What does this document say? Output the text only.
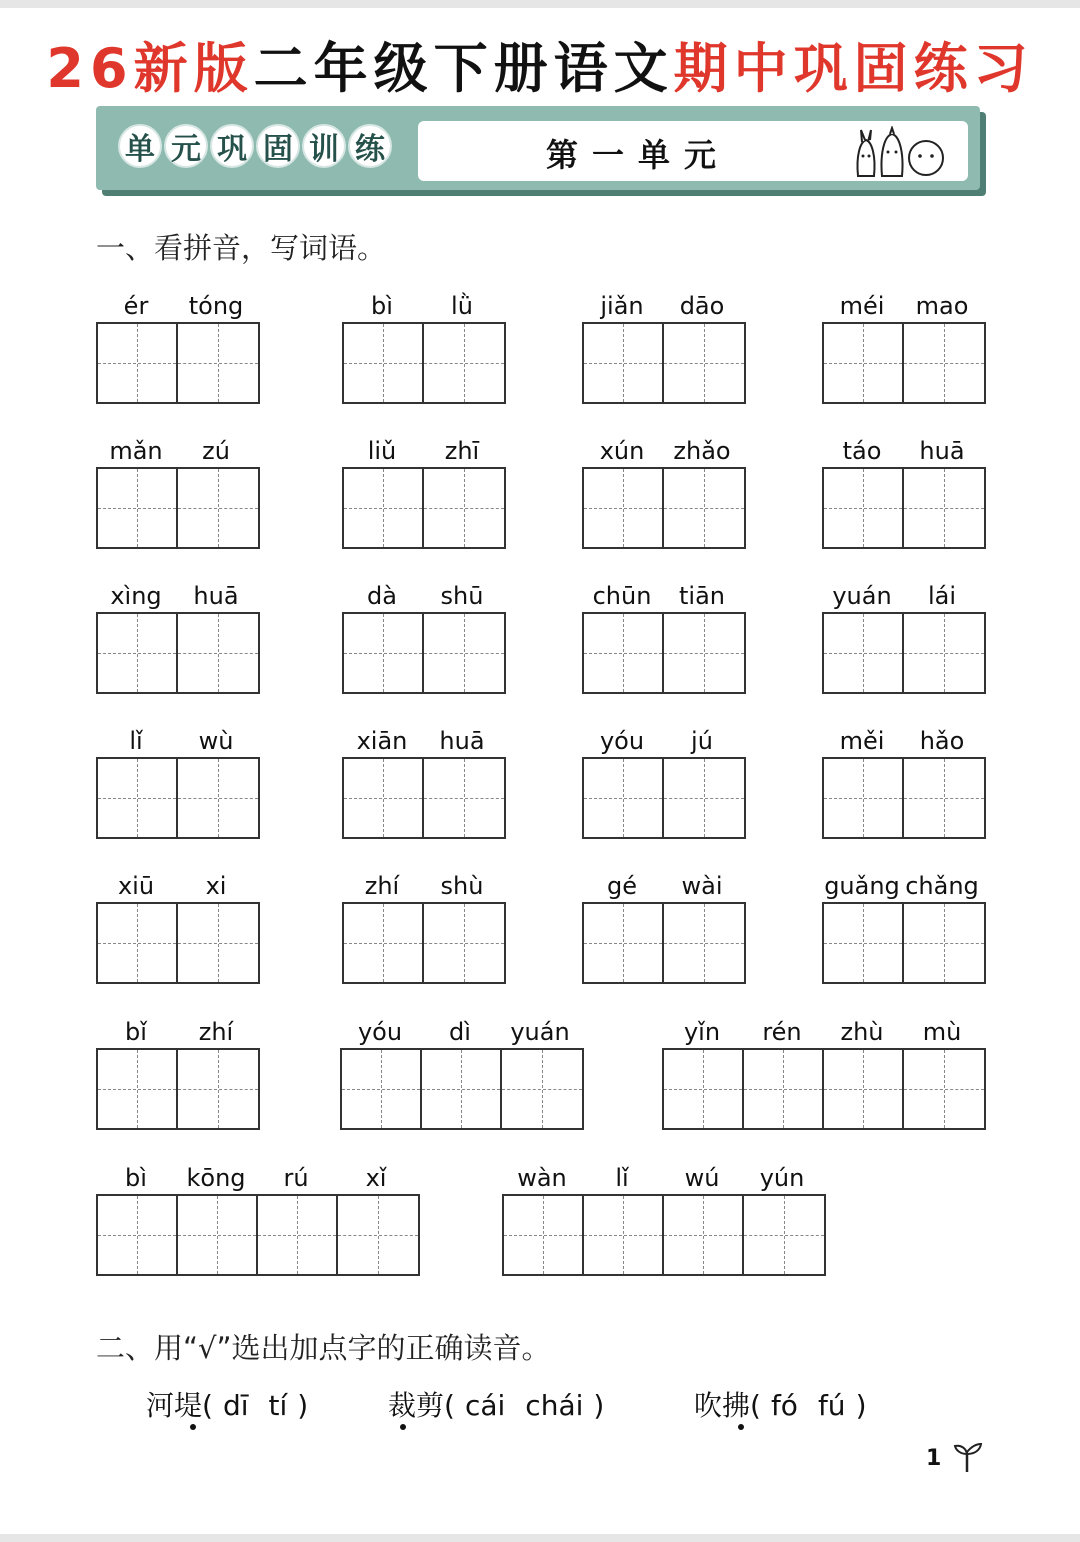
26新版二年级下册语文期中巩固练习
单 元 巩 固 训 练	第一单元
一、看拼音，写词语。
ér	tóng	bì	lǜ	jiǎn	dāo	méi	mao
mǎn	zú	liǔ	zhī	xún	zhǎo	táo	huā
xìng	huā	dà	shū	chūn	tiān	yuán	lái
lǐ	wù	xiān	huā	yóu	jú	měi	hǎo
xiū	xi	zhí	shù	gé	wài	guǎng chǎng
bǐ	zhí	yóu	dì	yuán	yǐn	rén	zhù	mù
bì	kōng	rú	xǐ	wàn	lǐ	wú	yún
二、用“√”选出加点字的正确读音。
河堤( dī tí )	裁剪( cái chái )	吹拂( fó fú )
1
